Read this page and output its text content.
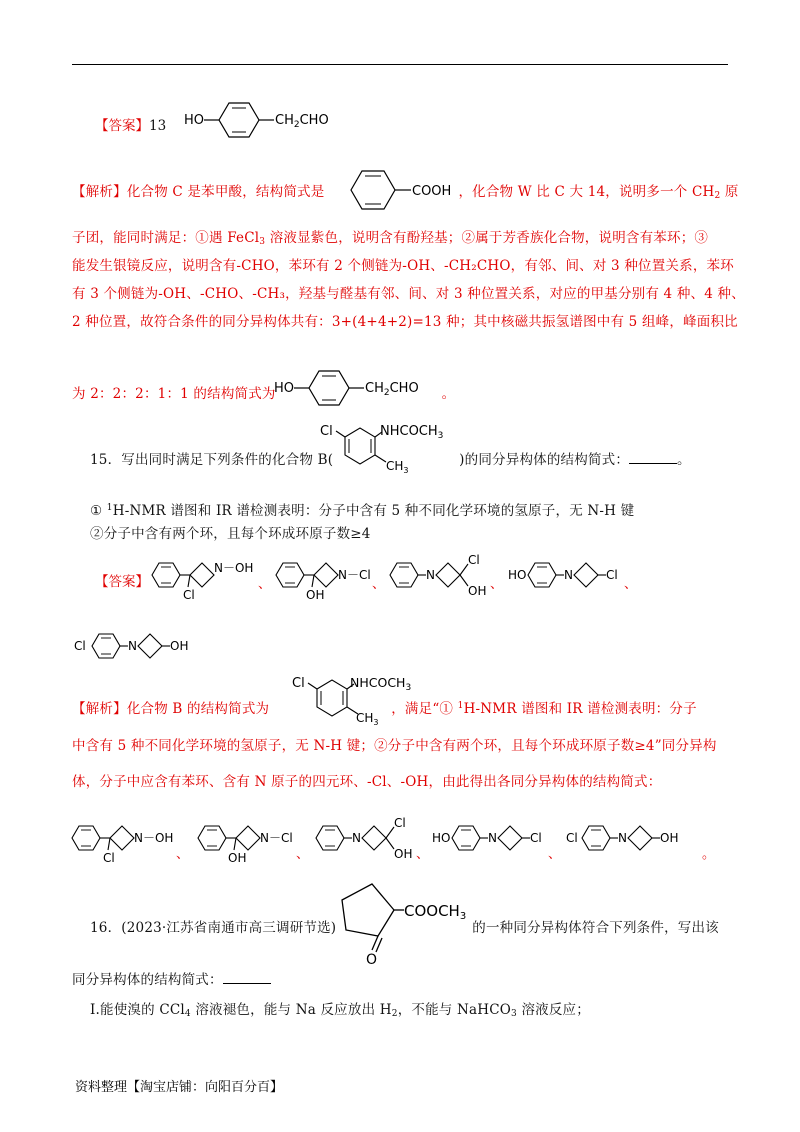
【答案】13 HO	$CH_2CHO$
【解析】化合物 C 是苯甲酸，结构简式是	，化合物 W 比 C 大 14，说明多一个 $CH_2$ 原
COOH
子团，能同时满足：①遇 FeCl$_3$ 溶液显紫色，说明含有酚羟基；②属于芳香族化合物，说明含有苯环；③
能发生银镜反应，说明含有-CHO，苯环有 2 个侧链为-OH、-CH₂CHO，有邻、间、对 3 种位置关系，苯环
有 3 个侧链为-OH、-CHO、-CH₃，羟基与醛基有邻、间、对 3 种位置关系，对应的甲基分别有 4 种、4 种、
2 种位置，故符合条件的同分异构体共有：3+(4+4+2)=13 种；其中核磁共振氢谱图中有 5 组峰，峰面积比
为 2：2：2：1：1 的结构简式为	。
HO	$CH_2CHO$
15．写出同时满足下列条件的化合物 B(	)的同分异构体的结构简式：	。
Cl	$NHCOCH_3$
$CH_3$
① $^1$H-NMR 谱图和 IR 谱检测表明：分子中含有 5 种不同化学环境的氢原子，无 N-H 键
②分子中含有两个环，且每个环成环原子数≥4
【答案】
Cl
N－OH
、
OH
N－Cl
、
N
Cl
OH 、
HO	N	Cl
、
Cl	N	OH
【解析】化合物 B 的结构简式为	，满足“① $^1$H-NMR 谱图和 IR 谱检测表明：分子
Cl	$NHCOCH_3$
$CH_3$
中含有 5 种不同化学环境的氢原子，无 N-H 键；②分子中含有两个环，且每个环成环原子数≥4”同分异构
体，分子中应含有苯环、含有 N 原子的四元环、-Cl、-OH，由此得出各同分异构体的结构简式：
Cl
N－OH
、	OH
N－Cl
、
N
Cl
OH 、
HO	N	Cl
、
Cl	N	OH
。
16．(2023·江苏省南通市高三调研节选)	的一种同分异构体符合下列条件，写出该
$COOCH_3$
O
同分异构体的结构简式：
Ⅰ.能使溴的 CCl$_4$ 溶液褪色，能与 Na 反应放出 $H_2$，不能与 NaHCO$_3$ 溶液反应；
资料整理【淘宝店铺：向阳百分百】
